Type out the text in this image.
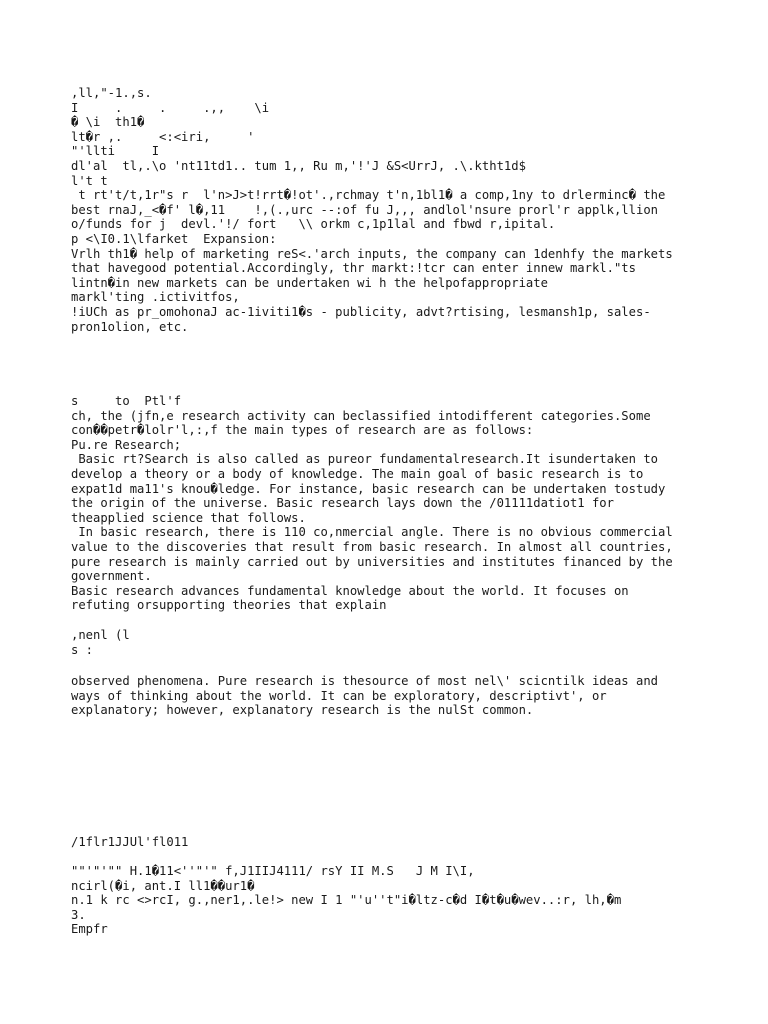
,ll,"-1.,s.
I     .     .     .,,    \i
� \i  th1�
lt�r ,.     <:<iri,     '
"'llti     I
dl'al  tl,.\o 'nt11td1.. tum 1,, Ru m,'!'J &S<UrrJ, .\.ktht1d$
l't t
t rt't/t,1r"s r  l'n>J>t!rrt�!ot'.,rchmay t'n,1bl1� a comp,1ny to drlerminc� the
best rnaJ,_<�f' l�,11    !,(.,urc --:of fu J,,, andlol'nsure prorl'r applk,llion
o/funds for j  devl.'!/ fort   \\ orkm c,1p1lal and fbwd r,ipital.
p <\I0.1\lfarket  Expansion:
Vrlh th1� help of marketing reS<.'arch inputs, the company can 1denhfy the markets
that havegood potential.Accordingly, thr markt:!tcr can enter innew markl."ts
lintn�in new markets can be undertaken wi h the helpofappropriate
markl'ting .ictivitfos,
!iUCh as pr_omohonaJ ac-1iviti1�s - publicity, advt?rtising, lesmansh1p, sales-
pron1olion, etc.
s     to  Ptl'f
ch, the (jfn,e research activity can beclassified intodifferent categories.Some
con��petr�lolr'l,:,f the main types of research are as follows:
Pu.re Research;
Basic rt?Search is also called as pureor fundamentalresearch.It isundertaken to
develop a theory or a body of knowledge. The main goal of basic research is to
expat1d ma11's knou�ledge. For instance, basic research can be undertaken tostudy
the origin of the universe. Basic research lays down the /01111datiot1 for
theapplied science that follows.
In basic research, there is 110 co,nmercial angle. There is no obvious commercial
value to the discoveries that result from basic research. In almost all countries,
pure research is mainly carried out by universities and institutes financed by the
government.
Basic research advances fundamental knowledge about the world. It focuses on
refuting orsupporting theories that explain
,nenl (l
s :
observed phenomena. Pure research is thesource of most nel\' scicntilk ideas and
ways of thinking about the world. It can be exploratory, descriptivt', or
explanatory; however, explanatory research is the nulSt common.
/1flr1JJUl'fl011
""'"'"" H.1�11<''"'" f,J1IIJ4111/ rsY II M.S   J M I\I,
ncirl(�i, ant.I ll1��ur1�
n.1 k rc <>rcI, g.,ner1,.le!> new I 1 "'u''t"i�ltz-c�d I�t�u�wev..:r, lh,�m
3.
Empfr
